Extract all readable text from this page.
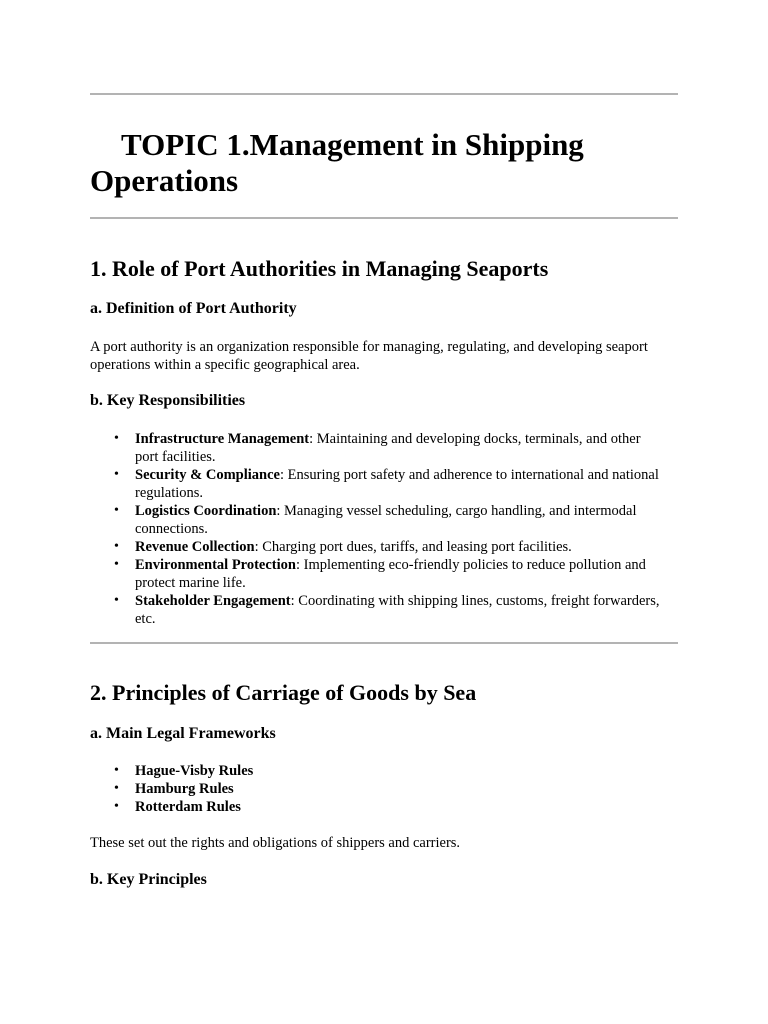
TOPIC 1.Management in Shipping Operations
1. Role of Port Authorities in Managing Seaports
a. Definition of Port Authority

A port authority is an organization responsible for managing, regulating, and developing seaport operations within a specific geographical area.

b. Key Responsibilities
• Infrastructure Management: Maintaining and developing docks, terminals, and other port facilities.
• Security & Compliance: Ensuring port safety and adherence to international and national regulations.
• Logistics Coordination: Managing vessel scheduling, cargo handling, and intermodal connections.
• Revenue Collection: Charging port dues, tariffs, and leasing port facilities.
• Environmental Protection: Implementing eco-friendly policies to reduce pollution and protect marine life.
• Stakeholder Engagement: Coordinating with shipping lines, customs, freight forwarders, etc.
2. Principles of Carriage of Goods by Sea
a. Main Legal Frameworks
• Hague-Visby Rules
• Hamburg Rules
• Rotterdam Rules

These set out the rights and obligations of shippers and carriers.

b. Key Principles
